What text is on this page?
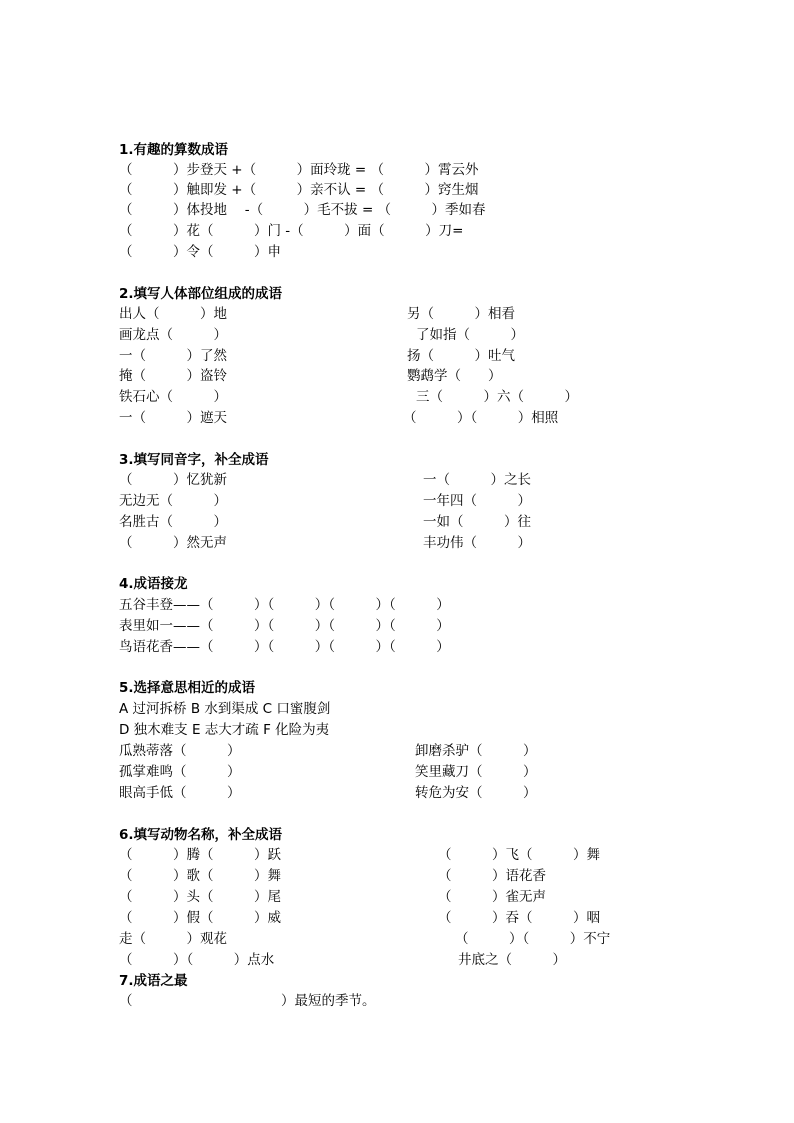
1.有趣的算数成语
（　　　）步登天 +（　　　）面玲珑 = （　　　）霄云外
（　　　）触即发 +（　　　）亲不认 = （　　　）窍生烟
（　　　）体投地　 -（　　　）毛不拔 = （　　　）季如春
（　　　）花（　　　）门 -（　　　）面（　　　）刀=
（　　　）令（　　　）申
2.填写人体部位组成的成语
出人（　　　）地
画龙点（　　　）
一（　　　）了然
掩（　　　）盗铃
铁石心（　　　）
一（　　　）遮天
另（　　　）相看
了如指（　　　）
扬（　　　）吐气
鹦鹉学（　　）
三（　　　）六（　　　）
（　　　）（　　　）相照
3.填写同音字，补全成语
（　　　）忆犹新
无边无（　　　）
名胜古（　　　）
（　　　）然无声
一（　　　）之长
一年四（　　　）
一如（　　　）往
丰功伟（　　　）
4.成语接龙
五谷丰登——（　　　）（　　　）（　　　）（　　　）
表里如一——（　　　）（　　　）（　　　）（　　　）
鸟语花香——（　　　）（　　　）（　　　）（　　　）
5.选择意思相近的成语
A 过河拆桥 B 水到渠成 C 口蜜腹剑
D 独木难支 E 志大才疏 F 化险为夷
瓜熟蒂落（　　　）
孤掌难鸣（　　　）
眼高手低（　　　）
卸磨杀驴（　　　）
笑里藏刀（　　　）
转危为安（　　　）
6.填写动物名称，补全成语
（　　　）腾（　　　）跃
（　　　）歌（　　　）舞
（　　　）头（　　　）尾
（　　　）假（　　　）威
走（　　　）观花
（　　　）（　　　）点水
（　　　）飞（　　　）舞
（　　　）语花香
（　　　）雀无声
（　　　）吞（　　　）咽
（　　　）（　　　）不宁
井底之（　　　）
7.成语之最
（　　　　　　　　　　　）最短的季节。
